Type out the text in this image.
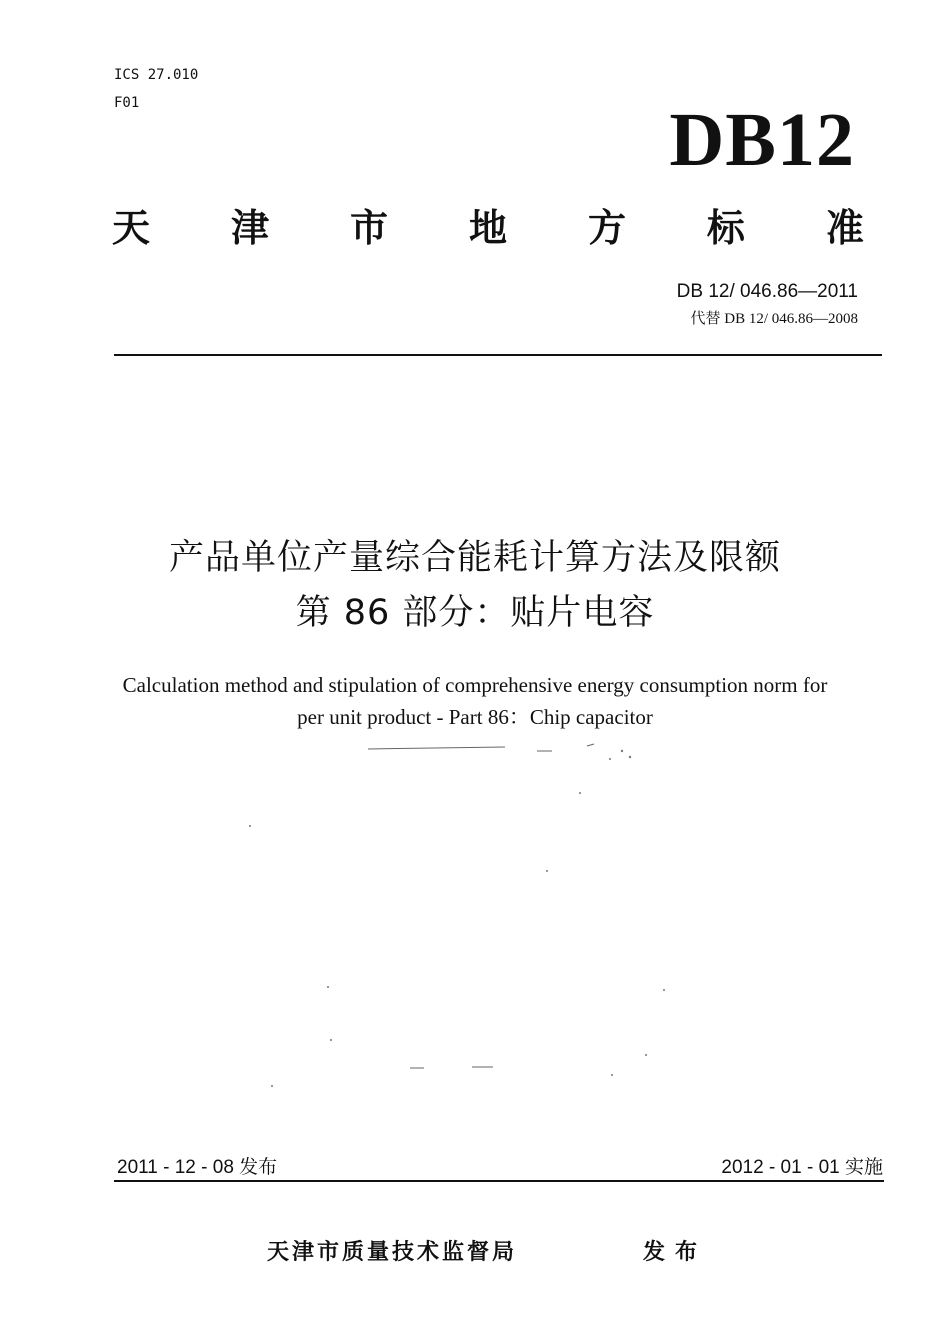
ICS 27.010
F01	DB12
天 津 市 地 方 标 准
DB 12/ 046.86—2011
代替 DB 12/ 046.86—2008
产品单位产量综合能耗计算方法及限额
第 86 部分：贴片电容
Calculation method and stipulation of comprehensive energy consumption norm for
per unit product - Part 86：Chip capacitor
2011 - 12 - 08 发布	2012 - 01 - 01 实施
天津市质量技术监督局	发布
